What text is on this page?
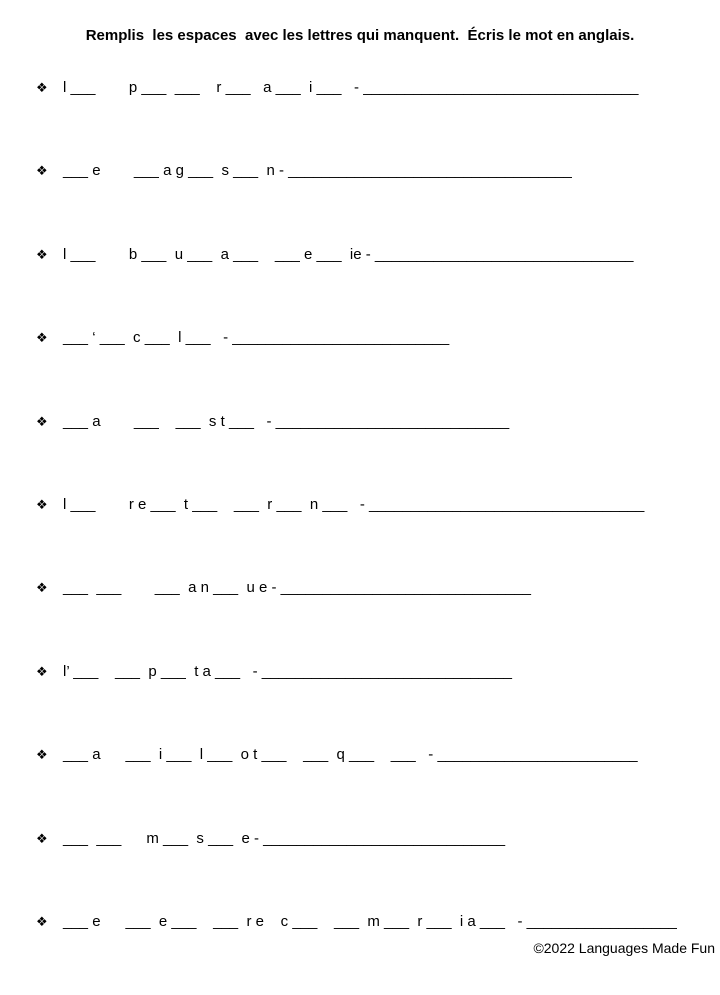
Remplis  les espaces  avec les lettres qui manquent.  Écris le mot en anglais.
❖	l ___        p ___  ___    r ___   a ___  i ___   - _________________________________
❖	___ e        ___ a g ___  s ___  n - __________________________________
❖	l ___        b ___  u ___  a ___    ___ e ___  ie - _______________________________
❖	___ ‘ ___  c ___  l ___   - __________________________
❖	___ a        ___    ___  s t ___   - ____________________________
❖	l ___        r e ___  t ___    ___  r ___  n ___   - _________________________________
❖	___  ___        ___  a n ___  u e - ______________________________
❖	l’ ___    ___  p ___  t a ___   - ______________________________
❖	___ a      ___  i ___  l ___  o t ___    ___  q ___    ___   - ________________________
❖	___  ___      m ___  s ___  e - _____________________________
❖	___ e      ___  e ___    ___  r e    c ___    ___  m ___  r ___  i a ___   - __________________
©2022 Languages Made Fun
